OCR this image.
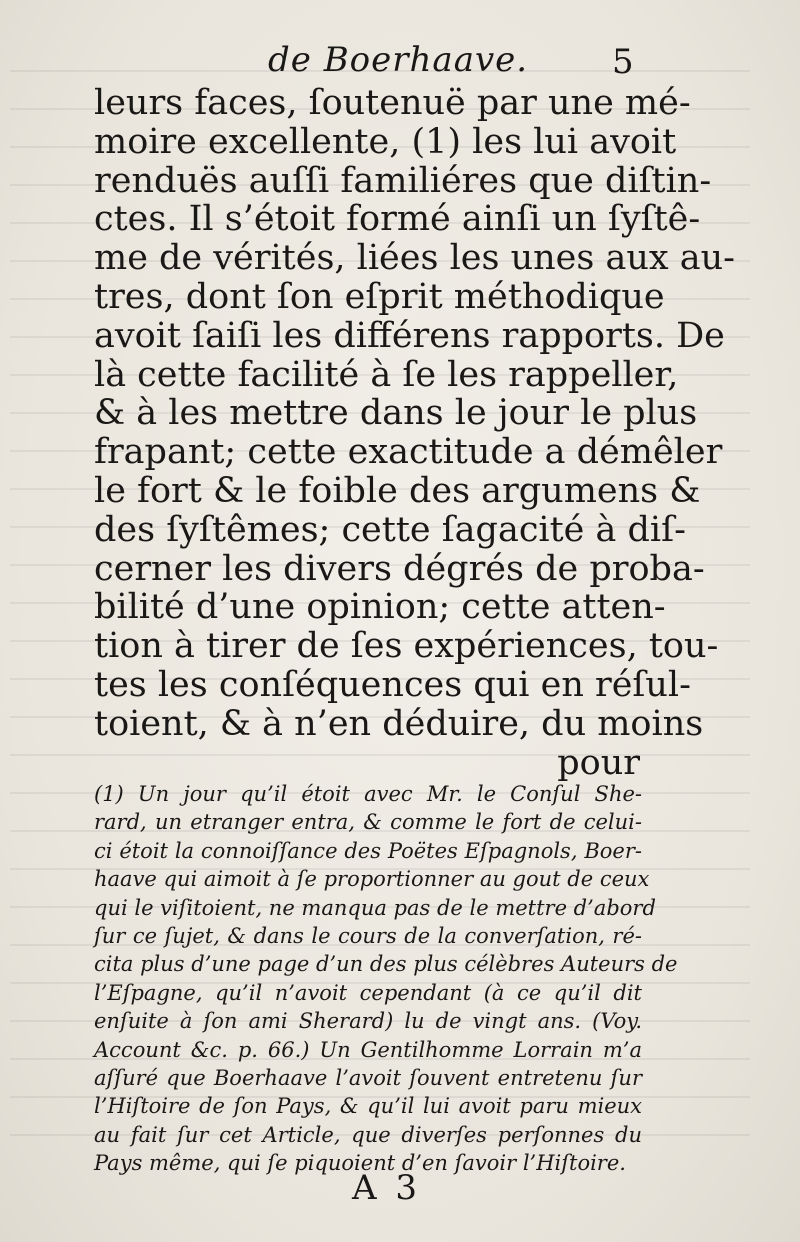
de Boerhaave. 5
leurs faces, ſoutenuë par une mé-
moire excellente, (1) les lui avoit
renduës auſſi familiéres que diſtin-
ctes. Il s’étoit formé ainſi un ſyſtê-
me de vérités, liées les unes aux au-
tres, dont ſon eſprit méthodique
avoit ſaiſi les différens rapports. De
là cette facilité à ſe les rappeller,
& à les mettre dans le jour le plus
frapant; cette exactitude a démêler
le fort & le foible des argumens &
des ſyſtêmes; cette ſagacité à diſ-
cerner les divers dégrés de proba-
bilité d’une opinion; cette atten-
tion à tirer de ſes expériences, tou-
tes les conſéquences qui en réſul-
toient, & à n’en déduire, du moins
pour
(1) Un jour qu’il étoit avec Mr. le Conſul She-
rard, un etranger entra, & comme le fort de celui-
ci étoit la connoiſſance des Poëtes Eſpagnols, Boer-
haave qui aimoit à ſe proportionner au gout de ceux
qui le viſitoient, ne manqua pas de le mettre d’abord
ſur ce ſujet, & dans le cours de la converſation, ré-
cita plus d’une page d’un des plus célèbres Auteurs de
l’Eſpagne, qu’il n’avoit cependant (à ce qu’il dit
enſuite à ſon ami Sherard) lu de vingt ans. (Voy.
Account &c. p. 66.) Un Gentilhomme Lorrain m’a
aſſuré que Boerhaave l’avoit ſouvent entretenu ſur
l’Hiſtoire de ſon Pays, & qu’il lui avoit paru mieux
au fait ſur cet Article, que diverſes perſonnes du
Pays même, qui ſe piquoient d’en ſavoir l’Hiſtoire.
A 3
